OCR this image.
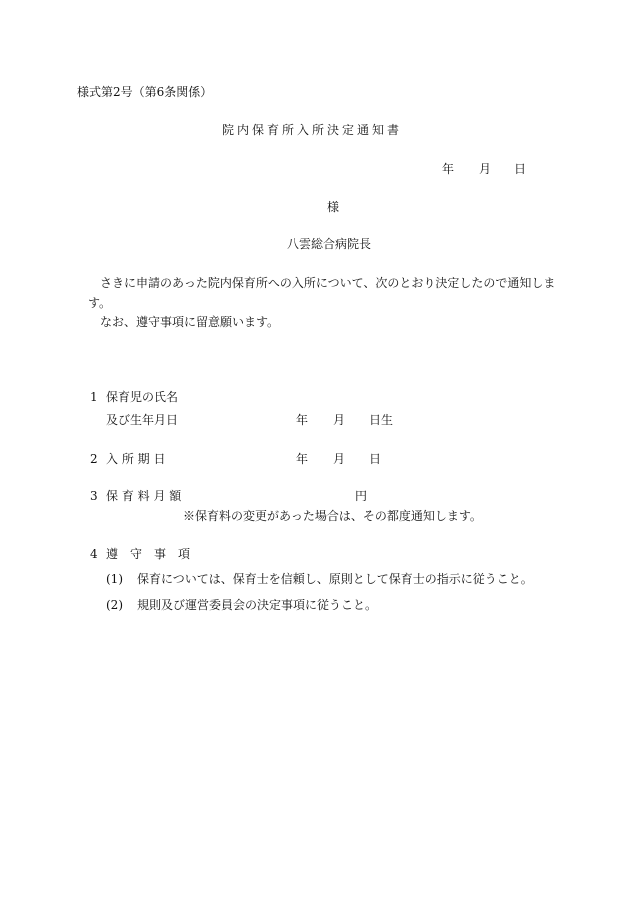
様式第2号（第6条関係）
院内保育所入所決定通知書
年 月 日
様
八雲総合病院長
さきに申請のあった院内保育所への入所について、次のとおり決定したので通知しま
す。
なお、遵守事項に留意願います。
1 保育児の氏名
及び生年月日	年 月 日生
2 入 所 期 日	年 月 日
3 保 育 料 月 額	円
※保育料の変更があった場合は、その都度通知します。
4 遵　守　事　項
(1) 保育については、保育士を信頼し、原則として保育士の指示に従うこと。
(2) 規則及び運営委員会の決定事項に従うこと。
